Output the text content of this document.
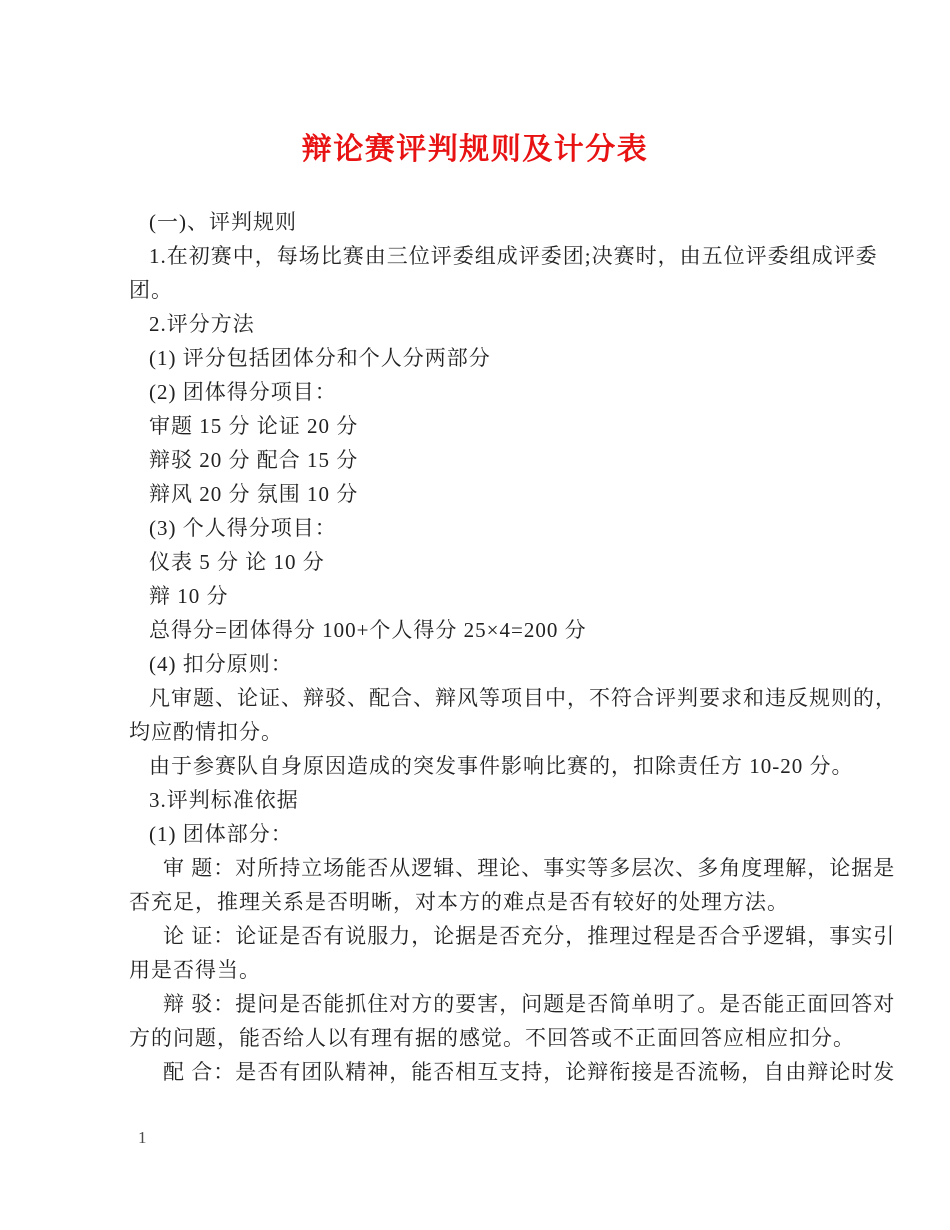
辩论赛评判规则及计分表
(一)、评判规则
1.在初赛中，每场比赛由三位评委组成评委团;决赛时，由五位评委组成评委
团。
2.评分方法
(1) 评分包括团体分和个人分两部分
(2) 团体得分项目：
审题 15 分 论证 20 分
辩驳 20 分 配合 15 分
辩风 20 分 氛围 10 分
(3) 个人得分项目：
仪表 5 分 论 10 分
辩 10 分
总得分=团体得分 100+个人得分 25×4=200 分
(4) 扣分原则：
凡审题、论证、辩驳、配合、辩风等项目中，不符合评判要求和违反规则的，
均应酌情扣分。
由于参赛队自身原因造成的突发事件影响比赛的，扣除责任方 10-20 分。
3.评判标准依据
(1) 团体部分：
审 题：对所持立场能否从逻辑、理论、事实等多层次、多角度理解，论据是
否充足，推理关系是否明晰，对本方的难点是否有较好的处理方法。
论 证：论证是否有说服力，论据是否充分，推理过程是否合乎逻辑，事实引
用是否得当。
辩 驳：提问是否能抓住对方的要害，问题是否简单明了。是否能正面回答对
方的问题，能否给人以有理有据的感觉。不回答或不正面回答应相应扣分。
配 合：是否有团队精神，能否相互支持，论辩衔接是否流畅，自由辩论时发
1
